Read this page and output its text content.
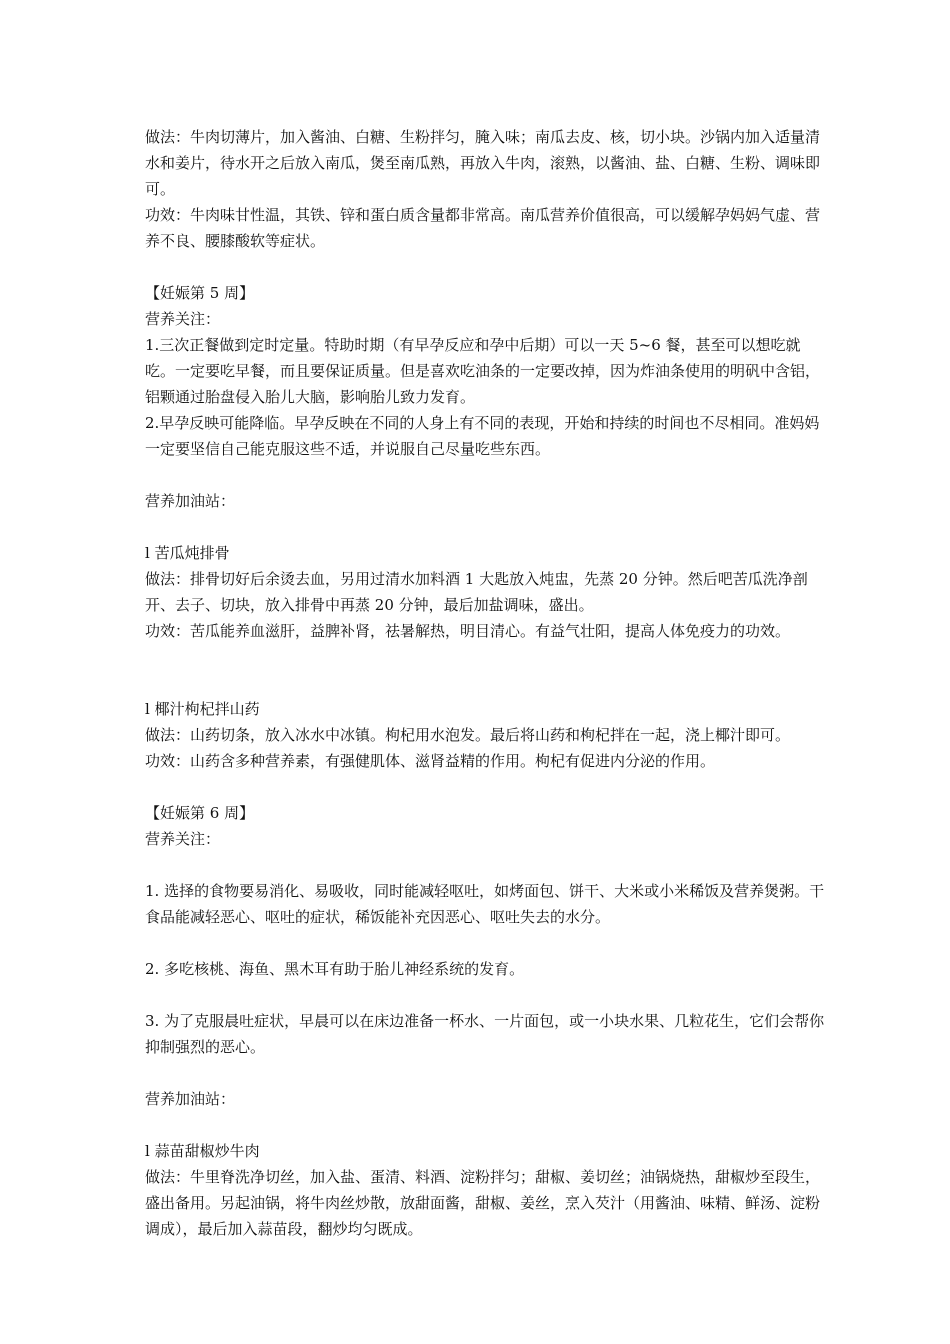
做法：牛肉切薄片，加入酱油、白糖、生粉拌匀，腌入味；南瓜去皮、核，切小块。沙锅内加入适量清水和姜片，待水开之后放入南瓜，煲至南瓜熟，再放入牛肉，滚熟，以酱油、盐、白糖、生粉、调味即可。

功效：牛肉味甘性温，其铁、锌和蛋白质含量都非常高。南瓜营养价值很高，可以缓解孕妈妈气虚、营养不良、腰膝酸软等症状。

【妊娠第 5 周】

营养关注：

1.三次正餐做到定时定量。特助时期（有早孕反应和孕中后期）可以一天 5~6 餐，甚至可以想吃就吃。一定要吃早餐，而且要保证质量。但是喜欢吃油条的一定要改掉，因为炸油条使用的明矾中含铝，铝颗通过胎盘侵入胎儿大脑，影响胎儿致力发育。

2.早孕反映可能降临。早孕反映在不同的人身上有不同的表现，开始和持续的时间也不尽相同。准妈妈一定要坚信自己能克服这些不适，并说服自己尽量吃些东西。

营养加油站：

l 苦瓜炖排骨

做法：排骨切好后余烫去血，另用过清水加料酒 1 大匙放入炖盅，先蒸 20 分钟。然后吧苦瓜洗净剖开、去子、切块，放入排骨中再蒸 20 分钟，最后加盐调味，盛出。

功效：苦瓜能养血滋肝，益脾补肾，祛暑解热，明目清心。有益气壮阳，提高人体免疫力的功效。

l 椰汁枸杞拌山药

做法：山药切条，放入冰水中冰镇。枸杞用水泡发。最后将山药和枸杞拌在一起，浇上椰汁即可。

功效：山药含多种营养素，有强健肌体、滋肾益精的作用。枸杞有促进内分泌的作用。

【妊娠第 6 周】

营养关注：

1. 选择的食物要易消化、易吸收，同时能减轻呕吐，如烤面包、饼干、大米或小米稀饭及营养煲粥。干食品能减轻恶心、呕吐的症状，稀饭能补充因恶心、呕吐失去的水分。

2. 多吃核桃、海鱼、黑木耳有助于胎儿神经系统的发育。

3. 为了克服晨吐症状，早晨可以在床边准备一杯水、一片面包，或一小块水果、几粒花生，它们会帮你抑制强烈的恶心。

营养加油站：

l 蒜苗甜椒炒牛肉

做法：牛里脊洗净切丝，加入盐、蛋清、料酒、淀粉拌匀；甜椒、姜切丝；油锅烧热，甜椒炒至段生，盛出备用。另起油锅，将牛肉丝炒散，放甜面酱，甜椒、姜丝，烹入芡汁（用酱油、味精、鲜汤、淀粉调成），最后加入蒜苗段，翻炒均匀既成。
